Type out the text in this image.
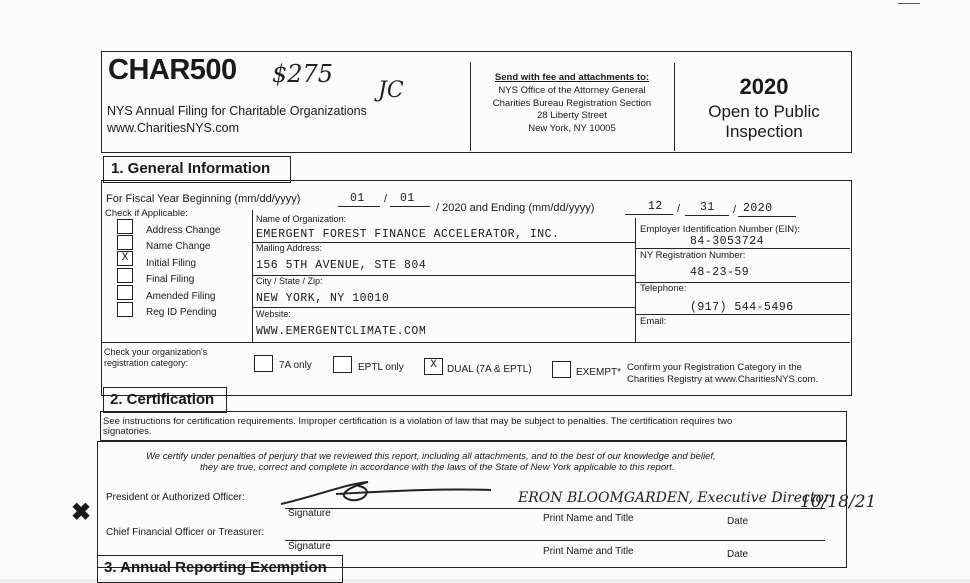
CHAR500 $275
JC
NYS Annual Filing for Charitable Organizations
www.CharitiesNYS.com
Send with fee and attachments to:
NYS Office of the Attorney General
Charities Bureau Registration Section
28 Liberty Street
New York, NY 10005
2020
Open to Public
Inspection
1. General Information
For Fiscal Year Beginning (mm/dd/yyyy)	01 / 01
/ 2020 and Ending (mm/dd/yyyy)	12 / 31 / 2020
Check if Applicable:
Address Change
Name Change
X	Initial Filing
Final Filing
Amended Filing
Reg ID Pending
Name of Organization:
EMERGENT FOREST FINANCE ACCELERATOR, INC.
Mailing Address:
156 5TH AVENUE, STE 804
City / State / Zip:
NEW YORK, NY 10010
Website:
WWW.EMERGENTCLIMATE.COM
Employer Identification Number (EIN):
84-3053724
NY Registration Number:
48-23-59
Telephone:
(917) 544-5496
Email:
Check your organization's
registration category:	7A only	EPTL only	X	DUAL (7A & EPTL)	EXEMPT* Confirm your Registration Category in the
Charities Registry at www.CharitiesNYS.com.
2. Certification
See instructions for certification requirements. Improper certification is a violation of law that may be subject to penalties. The certification requires two
signatories.
We certify under penalties of perjury that we reviewed this report, including all attachments, and to the best of our knowledge and belief,
they are true, correct and complete in accordance with the laws of the State of New York applicable to this report.
✖
President or Authorized Officer:	ERON BLOOMGARDEN, Executive Director
10/18/21
Signature	Print Name and Title	Date
Chief Financial Officer or Treasurer:
Signature	Print Name and Title	Date
3. Annual Reporting Exemption
